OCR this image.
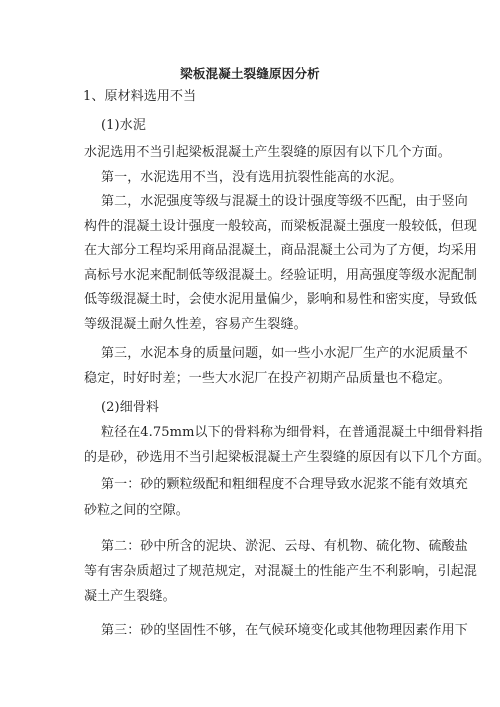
梁板混凝土裂缝原因分析
1、原材料选用不当
(1)水泥
水泥选用不当引起梁板混凝土产生裂缝的原因有以下几个方面。
第一，水泥选用不当，没有选用抗裂性能高的水泥。
第二，水泥强度等级与混凝土的设计强度等级不匹配，由于竖向
构件的混凝土设计强度一般较高，而梁板混凝土强度一般较低，但现
在大部分工程均采用商品混凝土，商品混凝土公司为了方便，均采用
高标号水泥来配制低等级混凝土。经验证明，用高强度等级水泥配制
低等级混凝土时，会使水泥用量偏少，影响和易性和密实度，导致低
等级混凝土耐久性差，容易产生裂缝。
第三，水泥本身的质量问题，如一些小水泥厂生产的水泥质量不
稳定，时好时差；一些大水泥厂在投产初期产品质量也不稳定。
(2)细骨料
粒径在4.75mm以下的骨料称为细骨料，在普通混凝土中细骨料指
的是砂，砂选用不当引起梁板混凝土产生裂缝的原因有以下几个方面。
第一：砂的颗粒级配和粗细程度不合理导致水泥浆不能有效填充
砂粒之间的空隙。
第二：砂中所含的泥块、淤泥、云母、有机物、硫化物、硫酸盐
等有害杂质超过了规范规定，对混凝土的性能产生不利影响，引起混
凝土产生裂缝。
第三：砂的坚固性不够，在气候环境变化或其他物理因素作用下
